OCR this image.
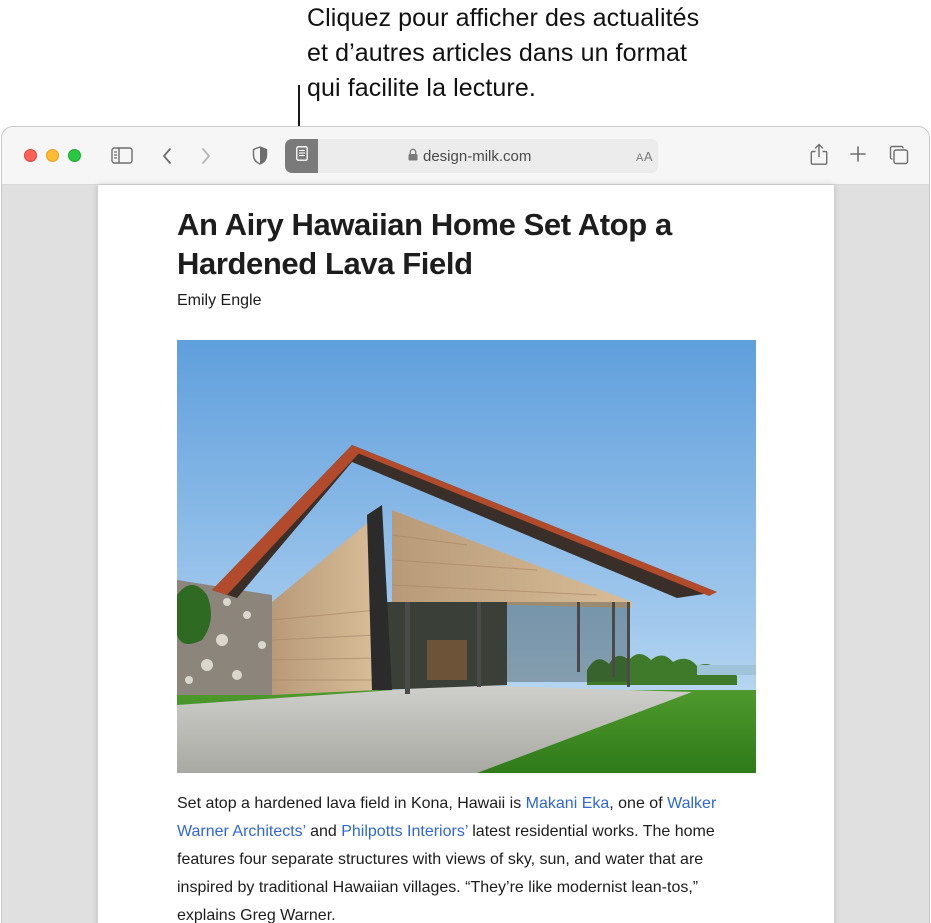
Cliquez pour afficher des actualités
et d’autres articles dans un format
qui facilite la lecture.
design-milk.com	AA
An Airy Hawaiian Home Set Atop a Hardened Lava Field
Emily Engle

Set atop a hardened lava field in Kona, Hawaii is Makani Eka, one of Walker Warner Architects’ and Philpotts Interiors’ latest residential works. The home features four separate structures with views of sky, sun, and water that are inspired by traditional Hawaiian villages. “They’re like modernist lean-tos,” explains Greg Warner.
